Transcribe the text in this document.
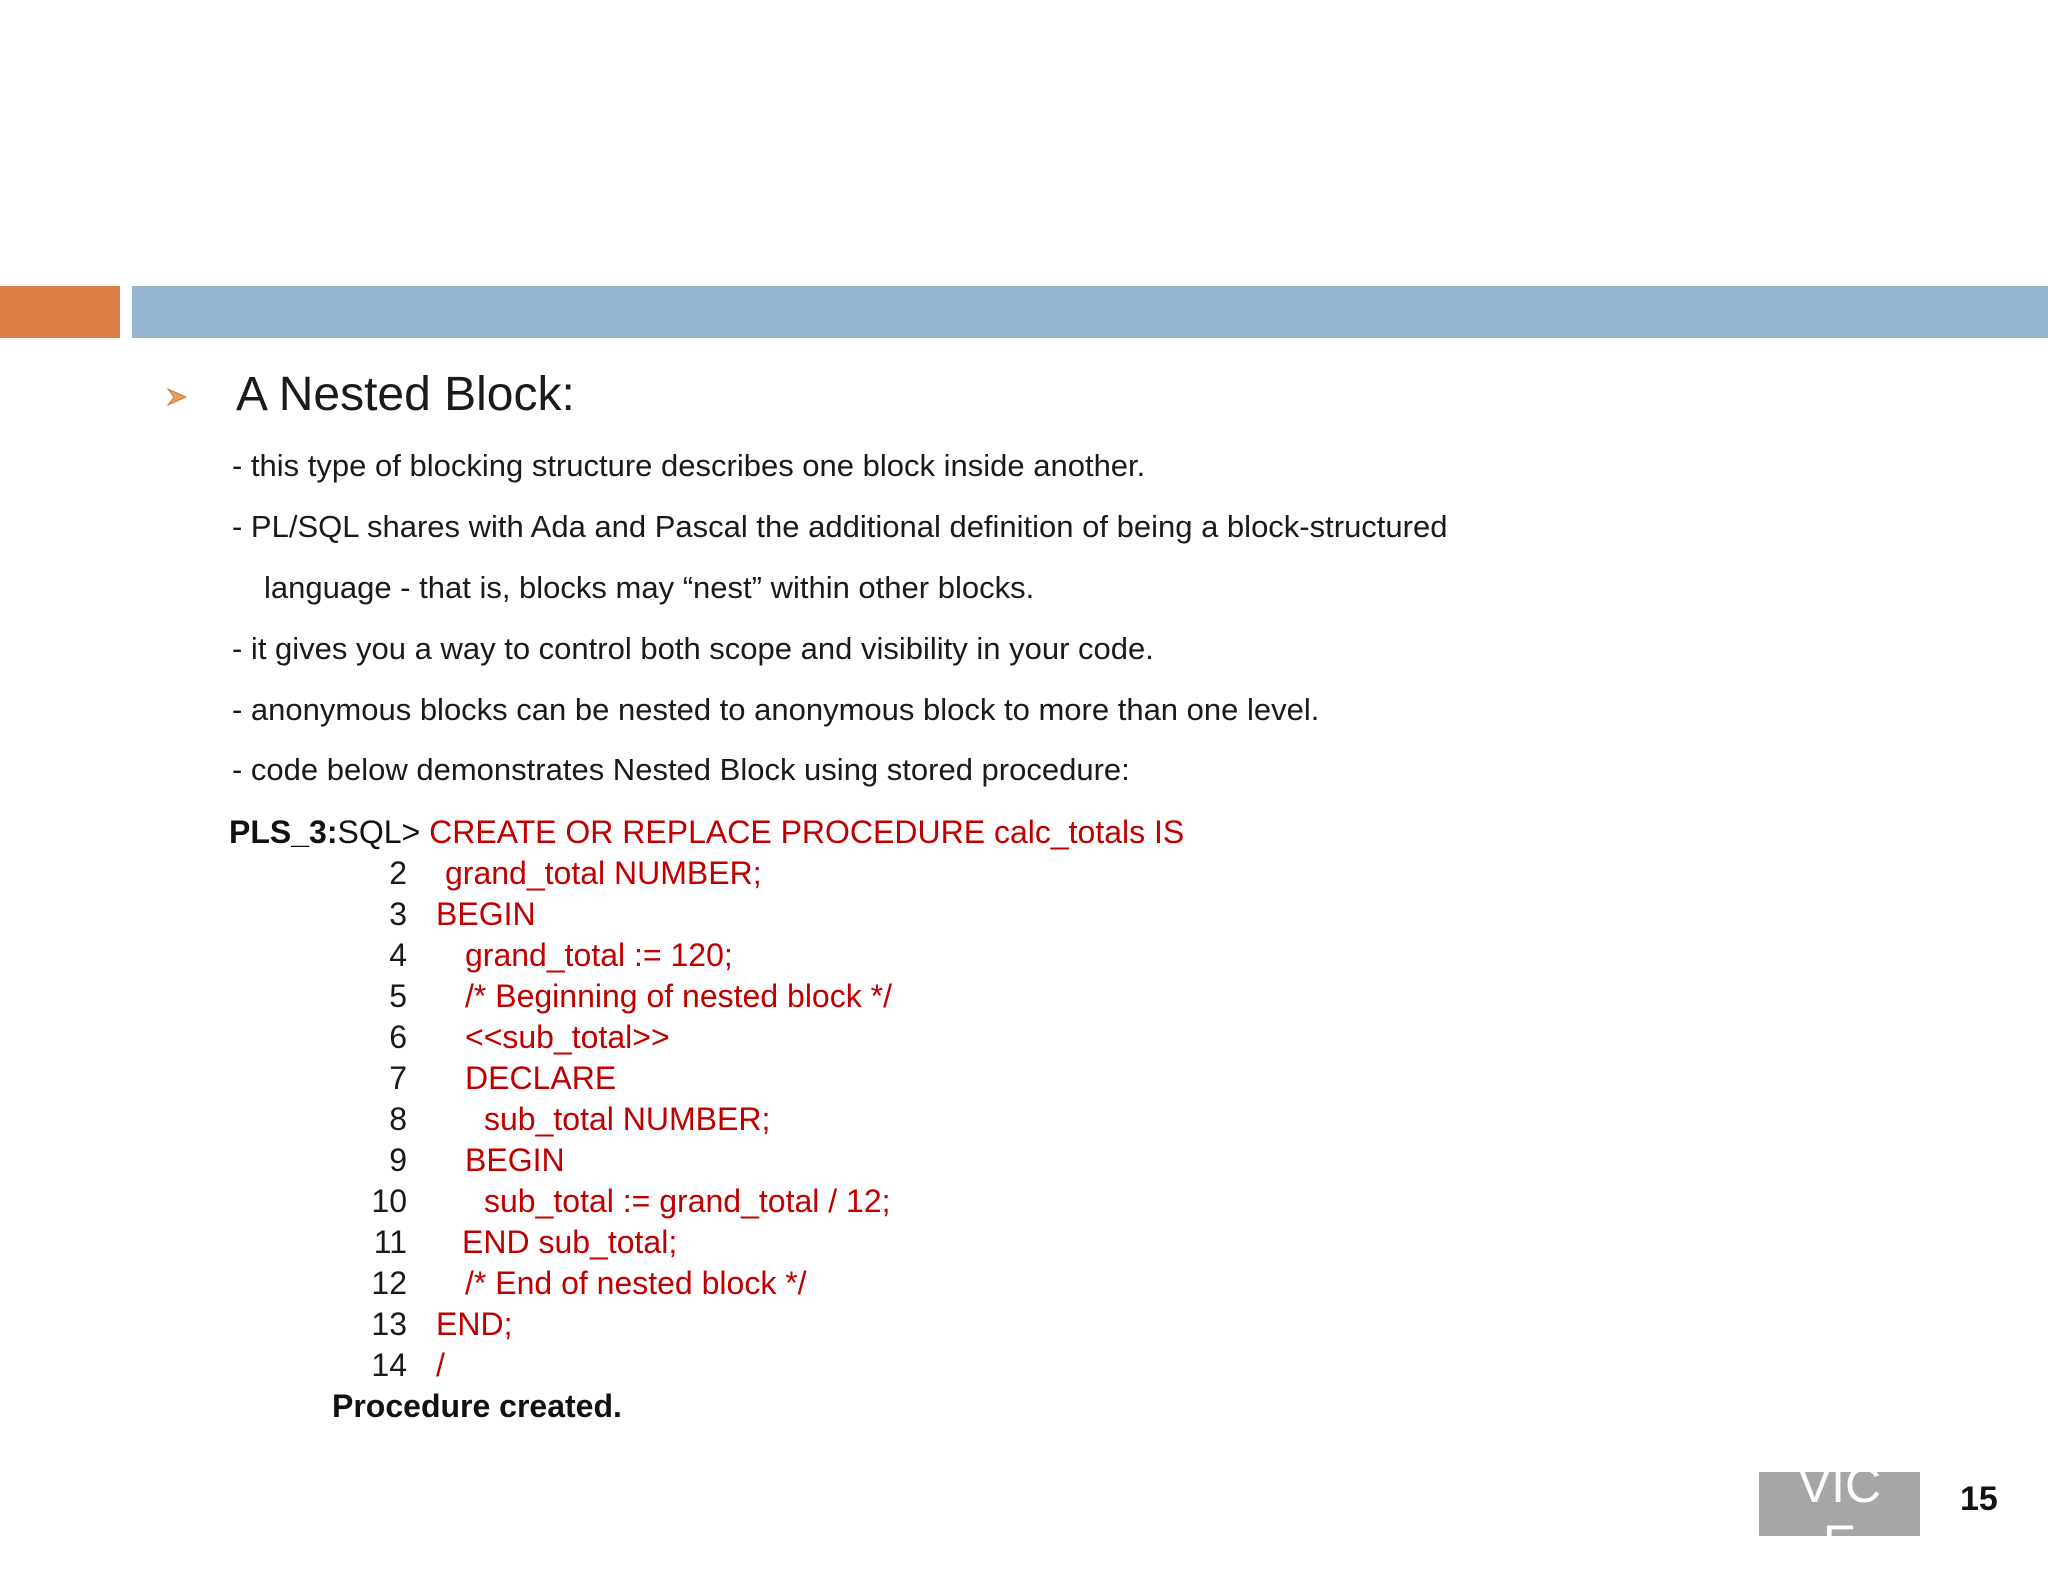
A Nested Block:
- this type of blocking structure describes one block inside another.
- PL/SQL shares with Ada and Pascal the additional definition of being a block-structured
language - that is, blocks may “nest” within other blocks.
- it gives you a way to control both scope and visibility in your code.
- anonymous blocks can be nested to anonymous block to more than one level.
- code below demonstrates Nested Block using stored procedure:
PLS_3:SQL> CREATE OR REPLACE PROCEDURE calc_totals IS
2 grand_total NUMBER;
3 BEGIN
4 grand_total := 120;
5 /* Beginning of nested block */
6 <<sub_total>>
7 DECLARE
8 sub_total NUMBER;
9 BEGIN
10 sub_total := grand_total / 12;
11 END sub_total;
12 /* End of nested block */
13 END;
14 /
Procedure created.
VIC
E
15
